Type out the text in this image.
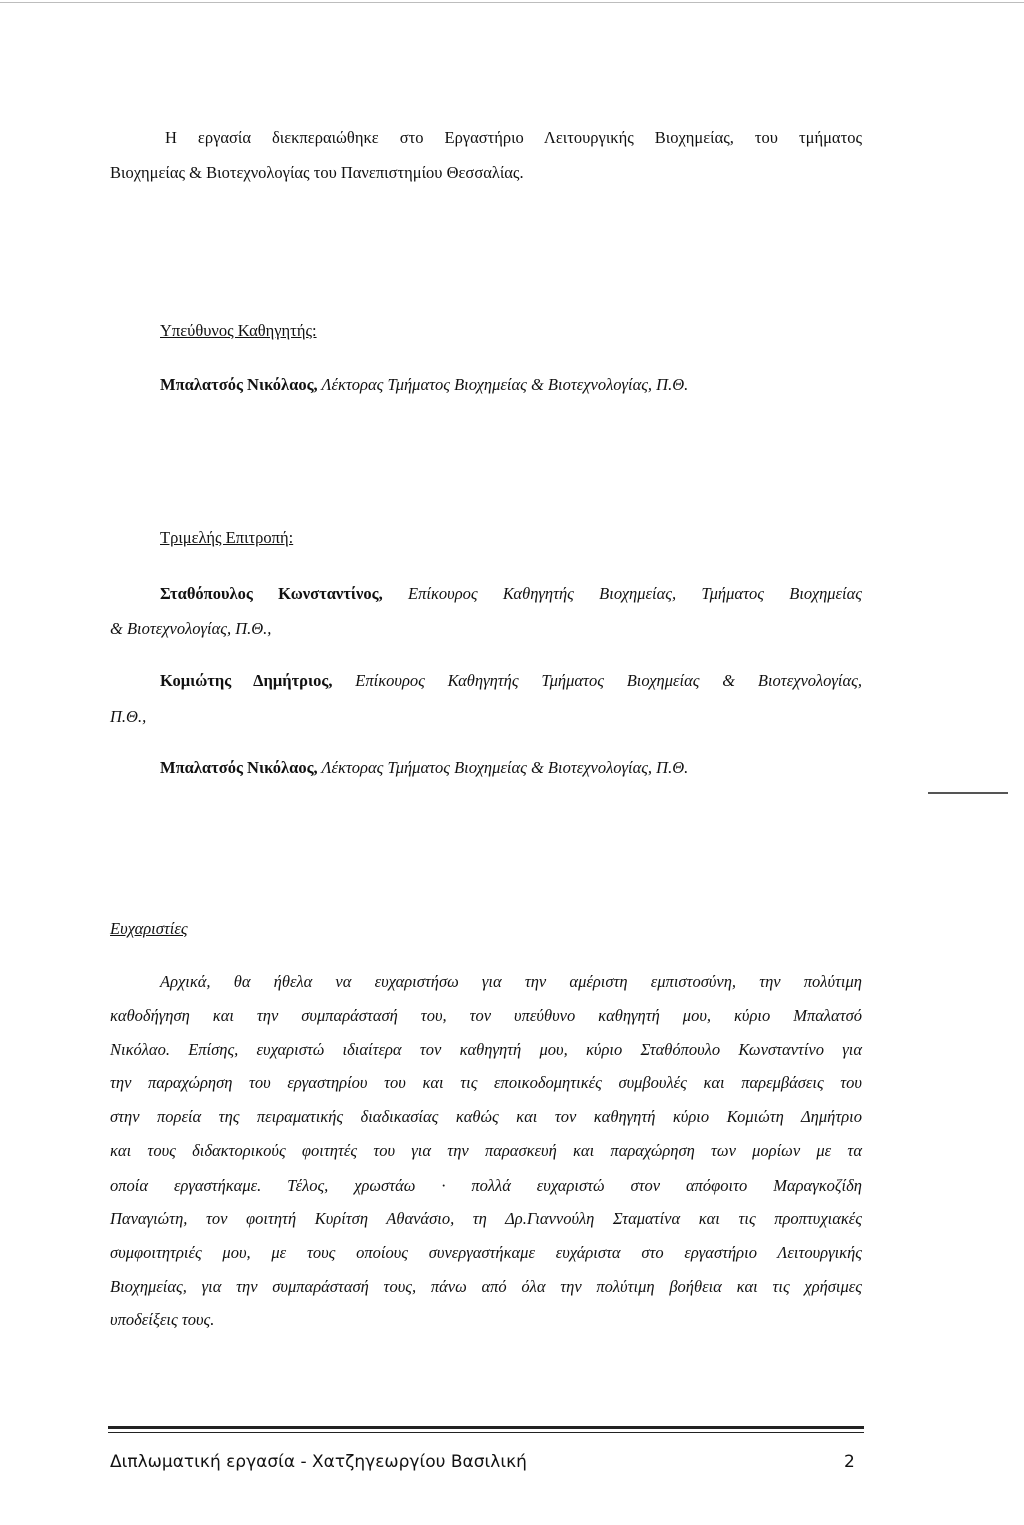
Η εργασία διεκπεραιώθηκε στο Εργαστήριο Λειτουργικής Βιοχημείας, του τμήματος
Βιοχημείας & Βιοτεχνολογίας του Πανεπιστημίου Θεσσαλίας.
Υπεύθυνος Καθηγητής:
Μπαλατσός Νικόλαος, Λέκτορας Τμήματος Βιοχημείας & Βιοτεχνολογίας, Π.Θ.
Τριμελής Επιτροπή:
Σταθόπουλος Κωνσταντίνος, Επίκουρος Καθηγητής Βιοχημείας, Τμήματος Βιοχημείας
& Βιοτεχνολογίας, Π.Θ.,
Κομιώτης Δημήτριος, Επίκουρος Καθηγητής Τμήματος Βιοχημείας & Βιοτεχνολογίας,
Π.Θ.,
Μπαλατσός Νικόλαος, Λέκτορας Τμήματος Βιοχημείας & Βιοτεχνολογίας, Π.Θ.
Ευχαριστίες
Αρχικά, θα ήθελα να ευχαριστήσω για την αμέριστη εμπιστοσύνη, την πολύτιμη
καθοδήγηση και την συμπαράστασή του, τον υπεύθυνο καθηγητή μου, κύριο Μπαλατσό
Νικόλαο. Επίσης, ευχαριστώ ιδιαίτερα τον καθηγητή μου, κύριο Σταθόπουλο Κωνσταντίνο για
την παραχώρηση του εργαστηρίου του και τις εποικοδομητικές συμβουλές και παρεμβάσεις του
στην πορεία της πειραματικής διαδικασίας καθώς και τον καθηγητή κύριο Κομιώτη Δημήτριο
και τους διδακτορικούς φοιτητές του για την παρασκευή και παραχώρηση των μορίων με τα
οποία εργαστήκαμε. Τέλος, χρωστάω · πολλά ευχαριστώ στον απόφοιτο Μαραγκοζίδη
Παναγιώτη, τον φοιτητή Κυρίτση Αθανάσιο, τη Δρ.Γιαννούλη Σταματίνα και τις προπτυχιακές
συμφοιτητριές μου, με τους οποίους συνεργαστήκαμε ευχάριστα στο εργαστήριο Λειτουργικής
Βιοχημείας, για την συμπαράστασή τους, πάνω από όλα την πολύτιμη βοήθεια και τις χρήσιμες
υποδείξεις τους.
Διπλωματική εργασία - Χατζηγεωργίου Βασιλική	2
